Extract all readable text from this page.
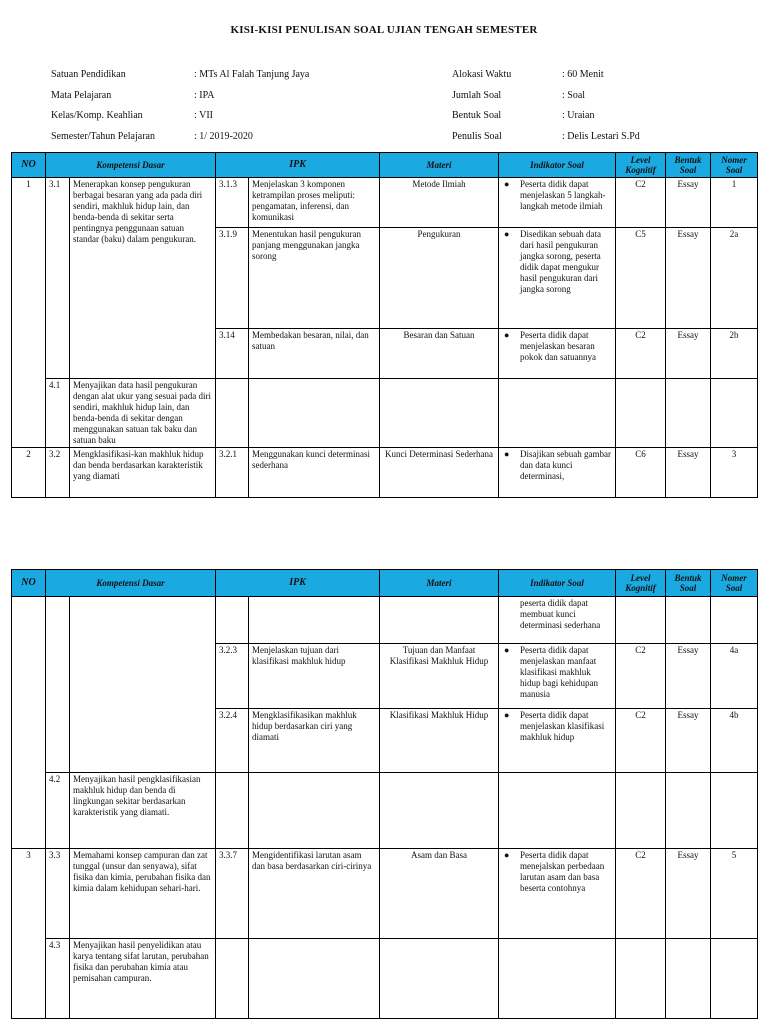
KISI-KISI PENULISAN SOAL UJIAN TENGAH SEMESTER
Satuan Pendidikan	: MTs Al Falah Tanjung Jaya
Mata Pelajaran	: IPA
Kelas/Komp. Keahlian	: VII
Semester/Tahun Pelajaran	: 1/ 2019-2020
Alokasi Waktu	: 60 Menit
Jumlah Soal	: Soal
Bentuk Soal	: Uraian
Penulis Soal	: Delis Lestari S.Pd
NO	Kompetensi Dasar		IPK		Materi	Indikator Soal	Level Kognitif	Bentuk Soal	Nomer Soal
1	3.1	Menerapkan konsep pengukuran berbagai besaran yang ada pada diri sendiri, makhluk hidup lain, dan benda-benda di sekitar serta pentingnya penggunaan satuan standar (baku) dalam pengukuran.	3.1.3	Menjelaskan 3 komponen ketrampilan proses meliputi: pengamatan, inferensi, dan komunikasi	Metode Ilmiah	● Peserta didik dapat menjelaskan 5 langkah-langkah metode ilmiah	C2	Essay	1
			3.1.9	Menentukan hasil pengukuran panjang menggunakan jangka sorong	Pengukuran	● Disedikan sebuah data dari hasil pengukuran jangka sorong, peserta didik dapat mengukur hasil pengukuran dari jangka sorong	C5	Essay	2a
			3.14	Membedakan besaran, nilai, dan satuan	Besaran dan Satuan	● Peserta didik dapat menjelaskan besaran pokok dan satuannya	C2	Essay	2b
	4.1	Menyajikan data hasil pengukuran dengan alat ukur yang sesuai pada diri sendiri, makhluk hidup lain, dan benda-benda di sekitar dengan menggunakan satuan tak baku dan satuan baku							
2	3.2	Mengklasifikasi-kan makhluk hidup dan benda berdasarkan karakteristik yang diamati	3.2.1	Menggunakan kunci determinasi sederhana	Kunci Determinasi Sederhana	● Disajikan sebuah gambar dan data kunci determinasi,	C6	Essay	3
NO	Kompetensi Dasar		IPK		Materi	Indikator Soal	Level Kognitif	Bentuk Soal	Nomer Soal

						peserta didik dapat membuat kunci determinasi sederhana			

			3.2.3	Menjelaskan tujuan dari klasifikasi makhluk hidup	Tujuan dan Manfaat Klasifikasi Makhluk Hidup	● Peserta didik dapat menjelaskan manfaat klasifikasi makhluk hidup bagi kehidupan manusia	C2	Essay	4a
			3.2.4	Mengklasifikasikan makhluk hidup berdasarkan ciri yang diamati	Klasifikasi Makhluk Hidup	● Peserta didik dapat menjelaskan klasifikasi makhluk hidup	C2	Essay	4b
	4.2	Menyajikan hasil pengklasifikasian makhluk hidup dan benda di lingkungan sekitar berdasarkan karakteristik yang diamati.							
3	3.3	Memahami konsep campuran dan zat tunggal (unsur dan senyawa), sifat fisika dan kimia, perubahan fisika dan kimia dalam kehidupan sehari-hari.	3.3.7	Mengidentifikasi larutan asam dan basa berdasarkan ciri-cirinya	Asam dan Basa	● Peserta didik dapat menejalskan perbedaan larutan asam dan basa beserta contohnya	C2	Essay	5
	4.3	Menyajikan hasil penyelidikan atau karya tentang sifat larutan, perubahan fisika dan perubahan kimia atau pemisahan campuran.							
